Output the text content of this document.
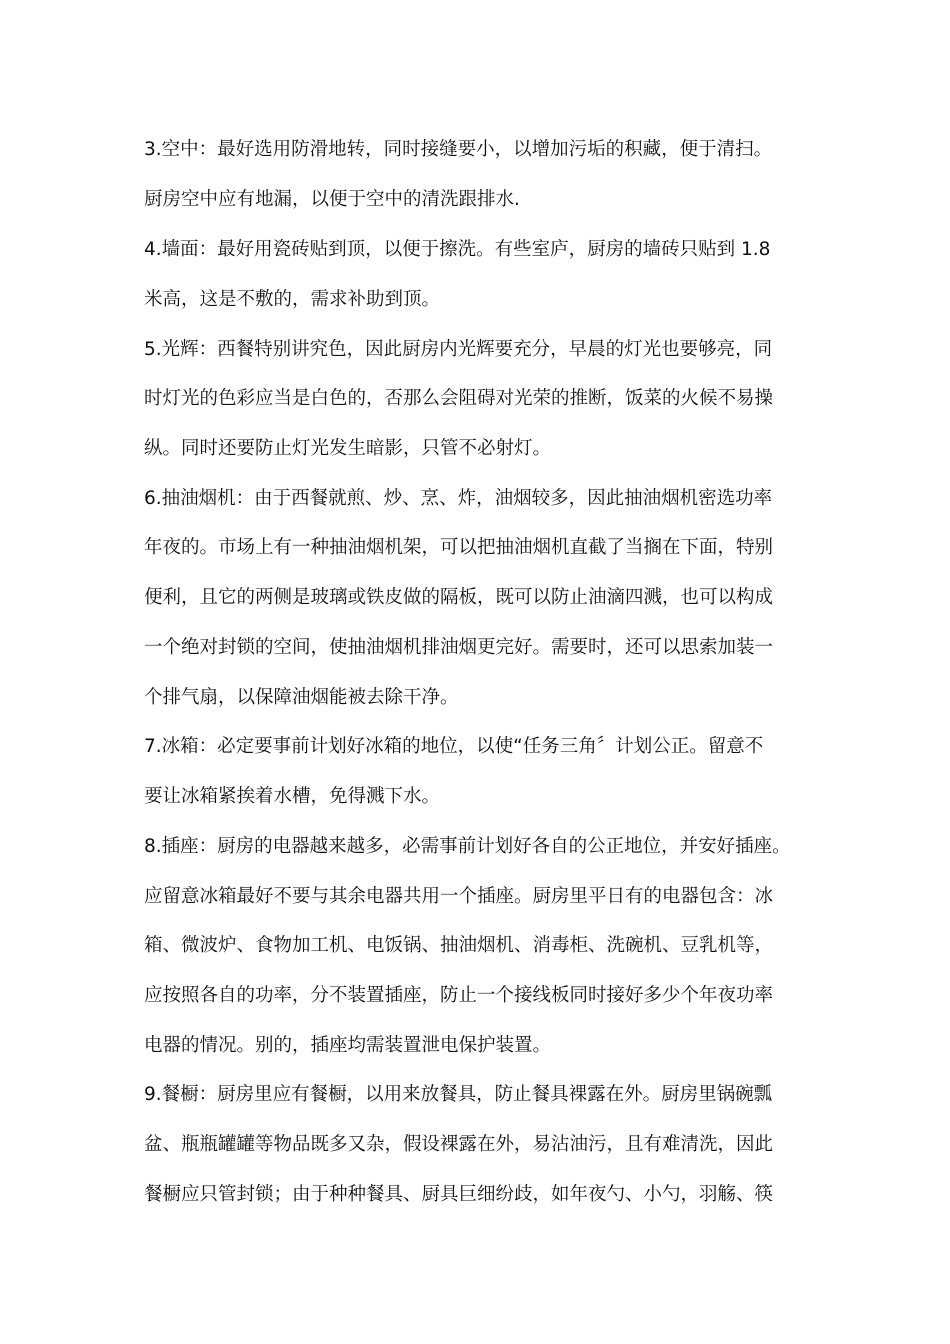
3.空中：最好选用防滑地转，同时接缝要小，以增加污垢的积藏，便于清扫。
厨房空中应有地漏，以便于空中的清洗跟排水.
4.墙面：最好用瓷砖贴到顶，以便于擦洗。有些室庐，厨房的墙砖只贴到 1.8
米高，这是不敷的，需求补助到顶。
5.光辉：西餐特别讲究色，因此厨房内光辉要充分，早晨的灯光也要够亮，同
时灯光的色彩应当是白色的，否那么会阻碍对光荣的推断，饭菜的火候不易操
纵。同时还要防止灯光发生暗影，只管不必射灯。
6.抽油烟机：由于西餐就煎、炒、烹、炸，油烟较多，因此抽油烟机密选功率
年夜的。市场上有一种抽油烟机架，可以把抽油烟机直截了当搁在下面，特别
便利，且它的两侧是玻璃或铁皮做的隔板，既可以防止油滴四溅，也可以构成
一个绝对封锁的空间，使抽油烟机排油烟更完好。需要时，还可以思索加装一
个排气扇，以保障油烟能被去除干净。
7.冰箱：必定要事前计划好冰箱的地位，以使“任务三角〞计划公正。留意不
要让冰箱紧挨着水槽，免得溅下水。
8.插座：厨房的电器越来越多，必需事前计划好各自的公正地位，并安好插座。
应留意冰箱最好不要与其余电器共用一个插座。厨房里平日有的电器包含：冰
箱、微波炉、食物加工机、电饭锅、抽油烟机、消毒柜、洗碗机、豆乳机等，
应按照各自的功率，分不装置插座，防止一个接线板同时接好多少个年夜功率
电器的情况。别的，插座均需装置泄电保护装置。
9.餐橱：厨房里应有餐橱，以用来放餐具，防止餐具裸露在外。厨房里锅碗瓢
盆、瓶瓶罐罐等物品既多又杂，假设裸露在外，易沾油污，且有难清洗，因此
餐橱应只管封锁；由于种种餐具、厨具巨细纷歧，如年夜勺、小勺，羽觞、筷
